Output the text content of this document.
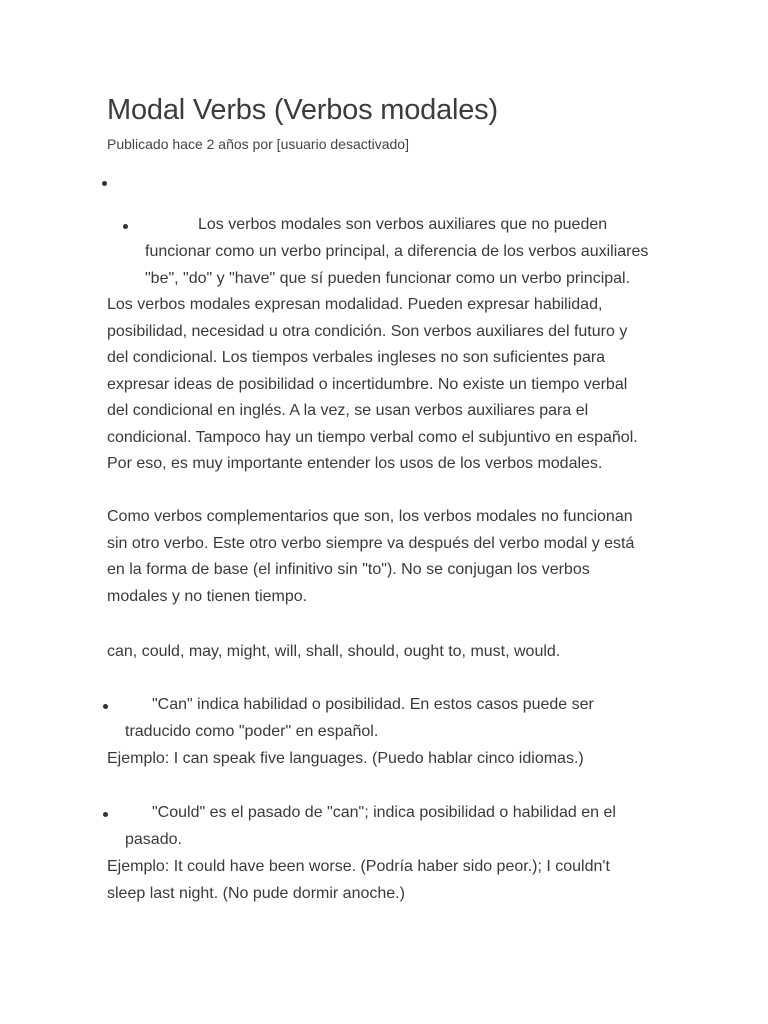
Modal Verbs (Verbos modales)
Publicado hace 2 años por [usuario desactivado]
Los verbos modales son verbos auxiliares que no pueden
funcionar como un verbo principal, a diferencia de los verbos auxiliares
"be", "do" y "have" que sí pueden funcionar como un verbo principal.
Los verbos modales expresan modalidad. Pueden expresar habilidad,
posibilidad, necesidad u otra condición. Son verbos auxiliares del futuro y
del condicional. Los tiempos verbales ingleses no son suficientes para
expresar ideas de posibilidad o incertidumbre. No existe un tiempo verbal
del condicional en inglés. A la vez, se usan verbos auxiliares para el
condicional. Tampoco hay un tiempo verbal como el subjuntivo en español.
Por eso, es muy importante entender los usos de los verbos modales.
Como verbos complementarios que son, los verbos modales no funcionan
sin otro verbo. Este otro verbo siempre va después del verbo modal y está
en la forma de base (el infinitivo sin "to"). No se conjugan los verbos
modales y no tienen tiempo.
can, could, may, might, will, shall, should, ought to, must, would.
"Can" indica habilidad o posibilidad. En estos casos puede ser
traducido como "poder" en español.
Ejemplo: I can speak five languages. (Puedo hablar cinco idiomas.)
"Could" es el pasado de "can"; indica posibilidad o habilidad en el
pasado.
Ejemplo: It could have been worse. (Podría haber sido peor.); I couldn't
sleep last night. (No pude dormir anoche.)
